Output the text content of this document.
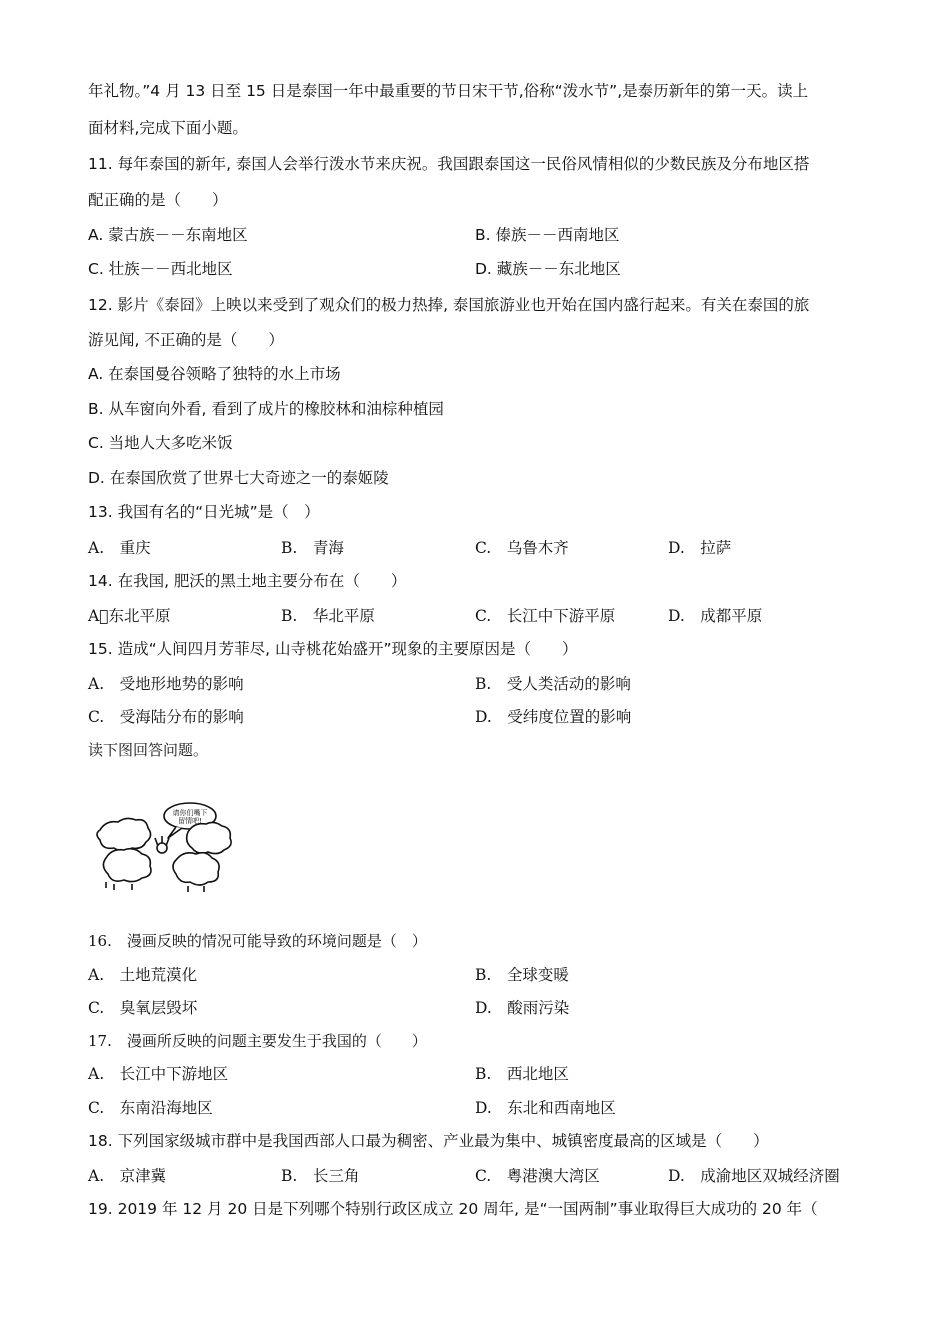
年礼物。”4 月 13 日至 15 日是泰国一年中最重要的节日宋干节,俗称“泼水节”,是泰历新年的第一天。读上
面材料,完成下面小题。
11. 每年泰国的新年, 泰国人会举行泼水节来庆祝。我国跟泰国这一民俗风情相似的少数民族及分布地区搭
配正确的是（　　）
A. 蒙古族－－东南地区	B. 傣族－－西南地区
C. 壮族－－西北地区	D. 藏族－－东北地区
12. 影片《泰囧》上映以来受到了观众们的极力热捧, 泰国旅游业也开始在国内盛行起来。有关在泰国的旅
游见闻, 不正确的是（　　）
A. 在泰国曼谷领略了独特的水上市场
B. 从车窗向外看, 看到了成片的橡胶林和油棕种植园
C. 当地人大多吃米饭
D. 在泰国欣赏了世界七大奇迹之一的泰姬陵
13. 我国有名的“日光城”是（　）
A.　重庆	B.　青海	C.　乌鲁木齐	D.　拉萨
14. 在我国, 肥沃的黑土地主要分布在（　　）
A 东北平原	B.　华北平原	C.　长江中下游平原	D.　成都平原
15. 造成“人间四月芳菲尽, 山寺桃花始盛开”现象的主要原因是（　　）
A.　受地形地势的影响	B.　受人类活动的影响
C.　受海陆分布的影响	D.　受纬度位置的影响
读下图回答问题。
请你们嘴下
留情吧!
16.　漫画反映的情况可能导致的环境问题是（　）
A.　土地荒漠化	B.　全球变暖
C.　臭氧层毁坏	D.　酸雨污染
17.　漫画所反映的问题主要发生于我国的（　　）
A.　长江中下游地区	B.　西北地区
C.　东南沿海地区	D.　东北和西南地区
18. 下列国家级城市群中是我国西部人口最为稠密、产业最为集中、城镇密度最高的区域是（　　）
A.　京津冀	B.　长三角	C.　粤港澳大湾区	D.　成渝地区双城经济圈
19. 2019 年 12 月 20 日是下列哪个特别行政区成立 20 周年, 是“一国两制”事业取得巨大成功的 20 年（
